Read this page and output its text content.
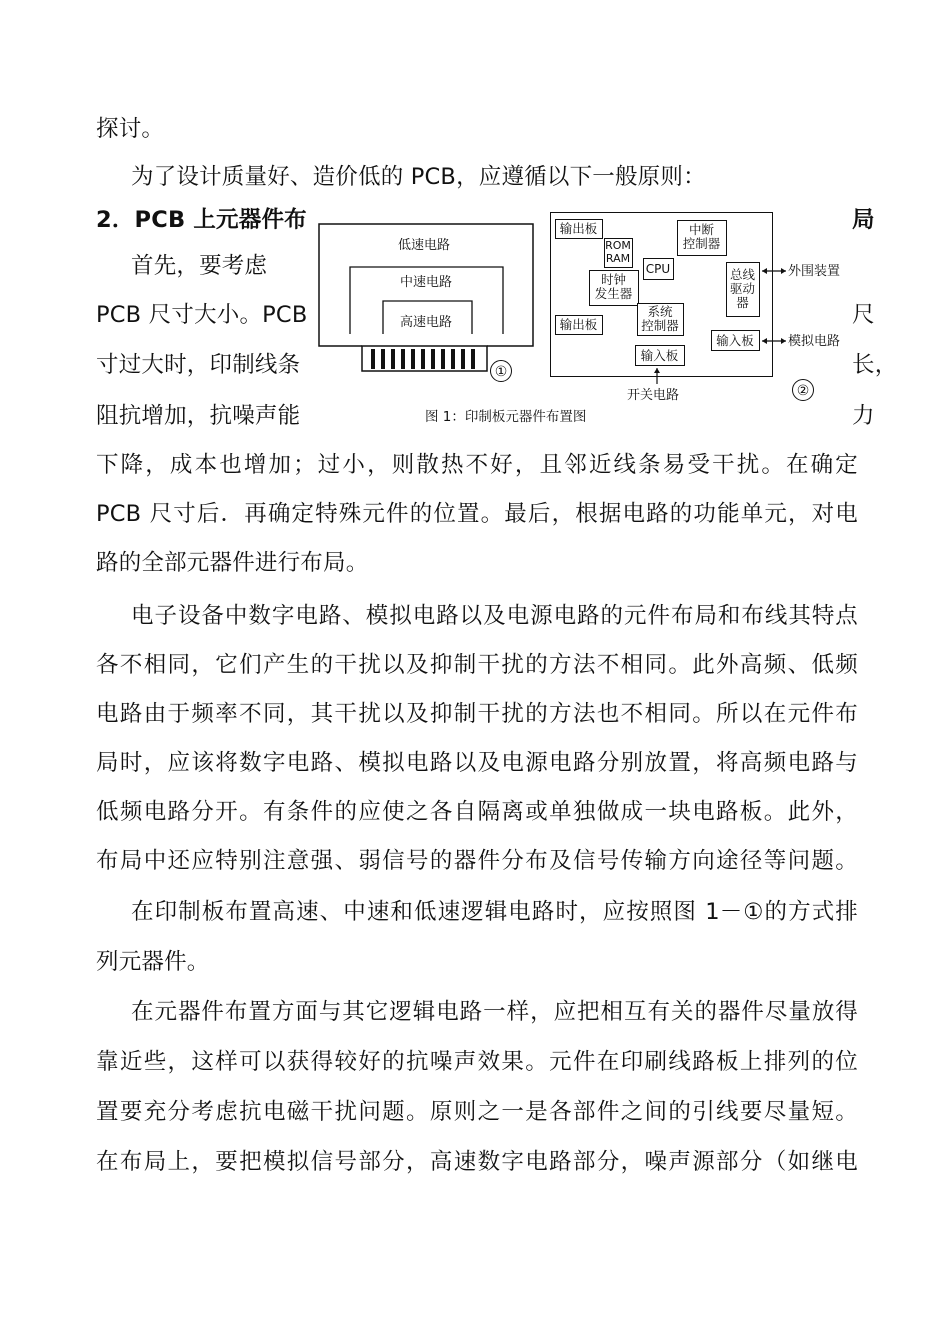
探讨。
为了设计质量好、造价低的 PCB，应遵循以下一般原则：
2．PCB 上元器件布	局
首先，要考虑
PCB 尺寸大小。PCB	尺
寸过大时，印制线条	长，
阻抗增加，抗噪声能	力
下降，成本也增加；过小，则散热不好，且邻近线条易受干扰。在确定
PCB 尺寸后．再确定特殊元件的位置。最后，根据电路的功能单元，对电
路的全部元器件进行布局。
电子设备中数字电路、模拟电路以及电源电路的元件布局和布线其特点
各不相同，它们产生的干扰以及抑制干扰的方法不相同。此外高频、低频
电路由于频率不同，其干扰以及抑制干扰的方法也不相同。所以在元件布
局时，应该将数字电路、模拟电路以及电源电路分别放置，将高频电路与
低频电路分开。有条件的应使之各自隔离或单独做成一块电路板。此外，
布局中还应特别注意强、弱信号的器件分布及信号传输方向途径等问题。
在印制板布置高速、中速和低速逻辑电路时，应按照图 1－①的方式排
列元器件。
在元器件布置方面与其它逻辑电路一样，应把相互有关的器件尽量放得
靠近些，这样可以获得较好的抗噪声效果。元件在印刷线路板上排列的位
置要充分考虑抗电磁干扰问题。原则之一是各部件之间的引线要尽量短。
在布局上，要把模拟信号部分，高速数字电路部分，噪声源部分（如继电
低速电路
中速电路
高速电路
①
输出板
ROM
RAM
中断
控制器
CPU
时钟
发生器
总线
驱动
器
输出板
系统
控制器
输入板
输入板
外围装置
模拟电路
开关电路	②
图 1：印制板元器件布置图
